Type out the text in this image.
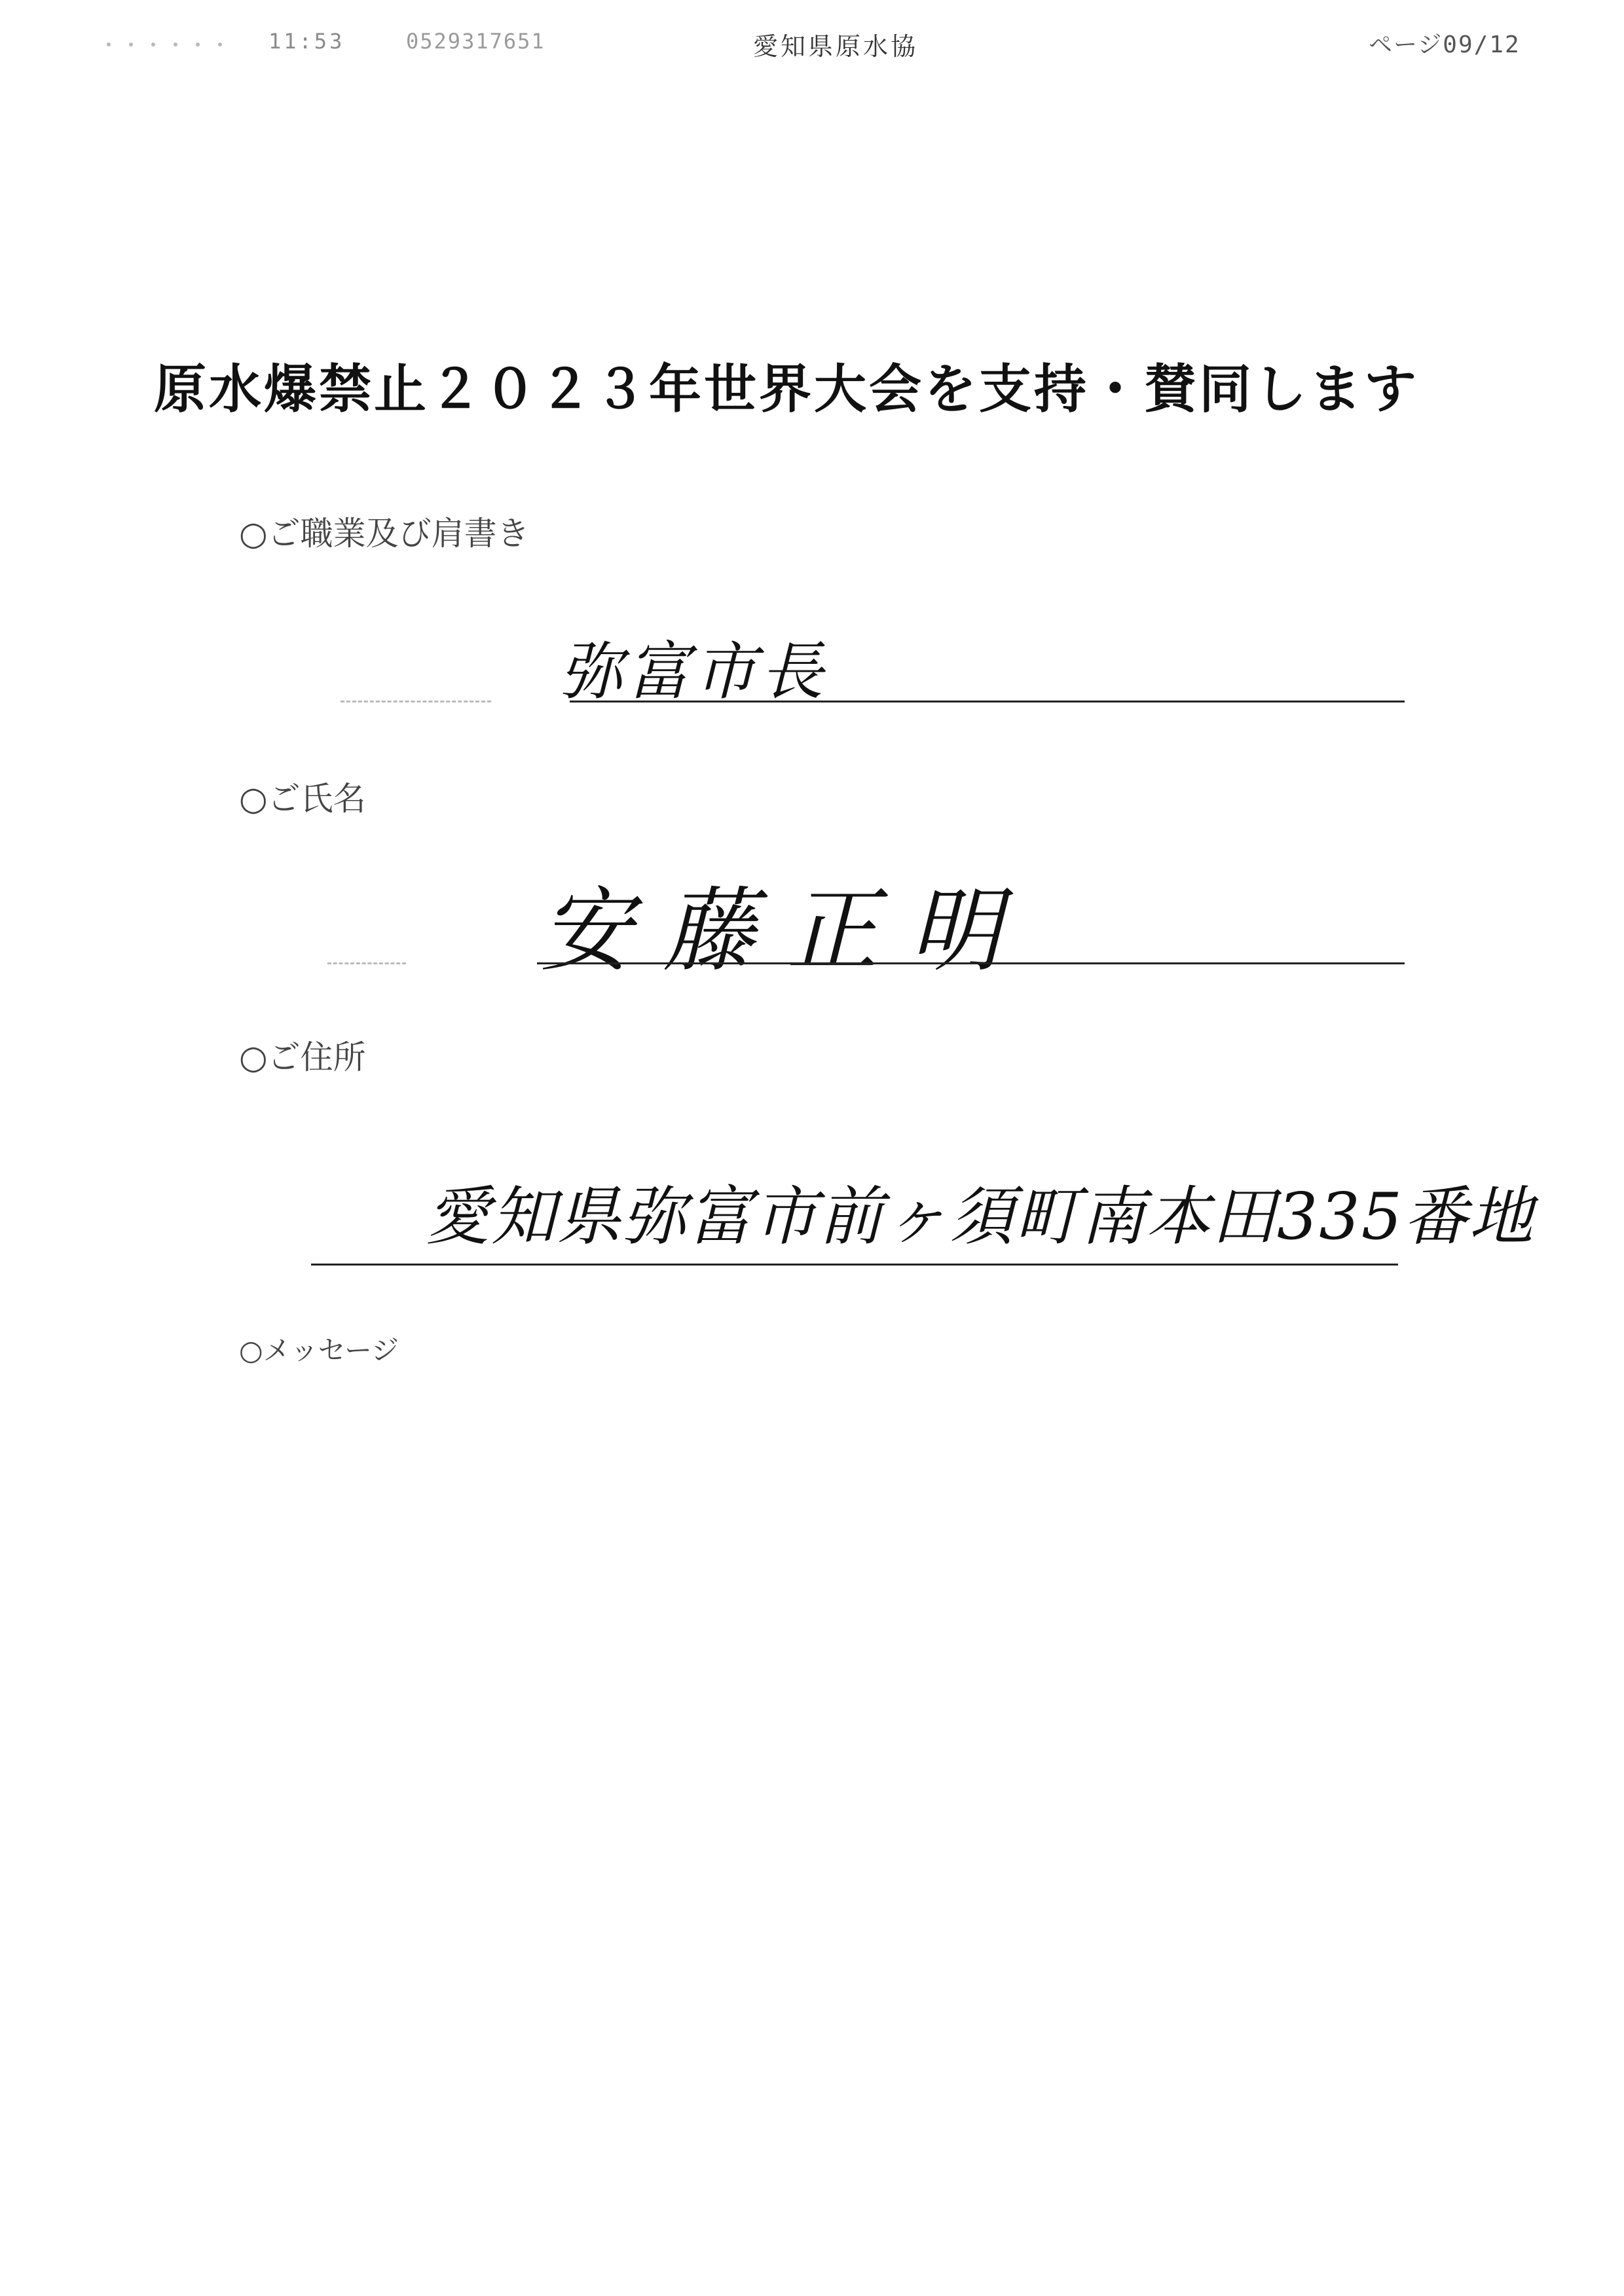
・・・・・・ 11:53	0529317651	愛知県原水協	ページ09/12
原水爆禁止２０２３年世界大会を支持・賛同します
○ご職業及び肩書き
弥富市長
○ご氏名
安藤正明
○ご住所
愛知県弥富市前ヶ須町南本田335番地
○メッセージ
